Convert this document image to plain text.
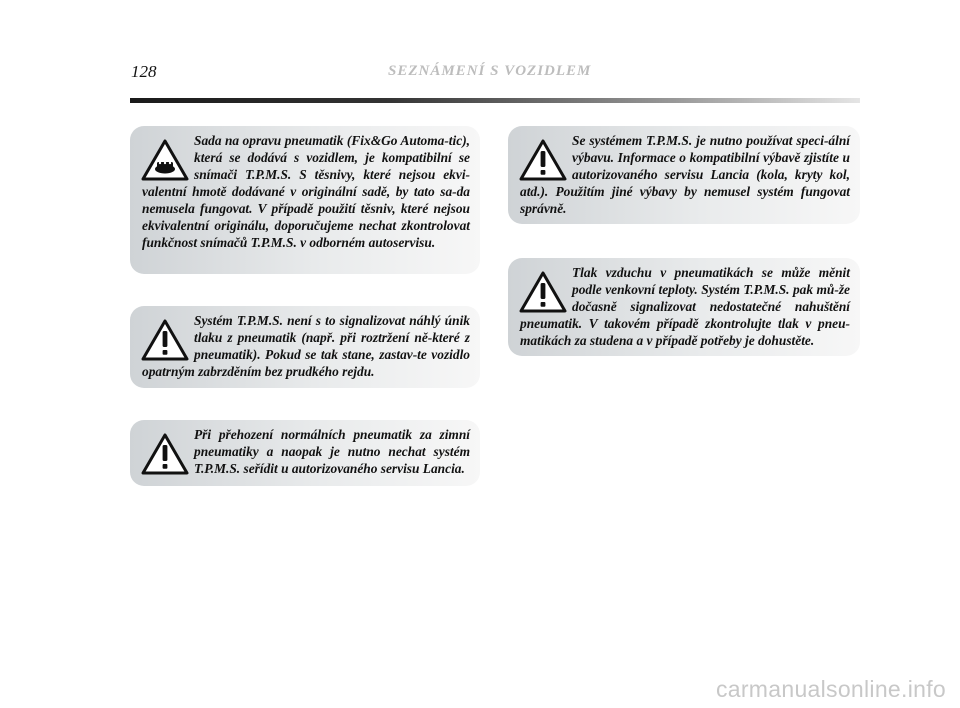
128	SEZNÁMENÍ S VOZIDLEM

Sada na opravu pneumatik (Fix&Go Automa-tic), která se dodává s vozidlem, je kompatibilní se snímači T.P.M.S. S těsnivy, které nejsou ekvi-valentní hmotě dodávané v originální sadě, by tato sa-da nemusela fungovat. V případě použití těsniv, které nejsou ekvivalentní originálu, doporučujeme nechat zkontrolovat funkčnost snímačů T.P.M.S. v odborném autoservisu.

Systém T.P.M.S. není s to signalizovat náhlý únik tlaku z pneumatik (např. při roztržení ně-které z pneumatik). Pokud se tak stane, zastav-te vozidlo opatrným zabrzděním bez prudkého rejdu.

Při přehození normálních pneumatik za zimní pneumatiky a naopak je nutno nechat systém T.P.M.S. seřídit u autorizovaného servisu Lancia.

Se systémem T.P.M.S. je nutno používat speci-ální výbavu. Informace o kompatibilní výbavě zjistíte u autorizovaného servisu Lancia (kola, kryty kol, atd.). Použitím jiné výbavy by nemusel systém fungovat správně.

Tlak vzduchu v pneumatikách se může měnit podle venkovní teploty. Systém T.P.M.S. pak mů-že dočasně signalizovat nedostatečné nahuštění pneumatik. V takovém případě zkontrolujte tlak v pneu-matikách za studena a v případě potřeby je dohustěte.

carmanualsonline.info
